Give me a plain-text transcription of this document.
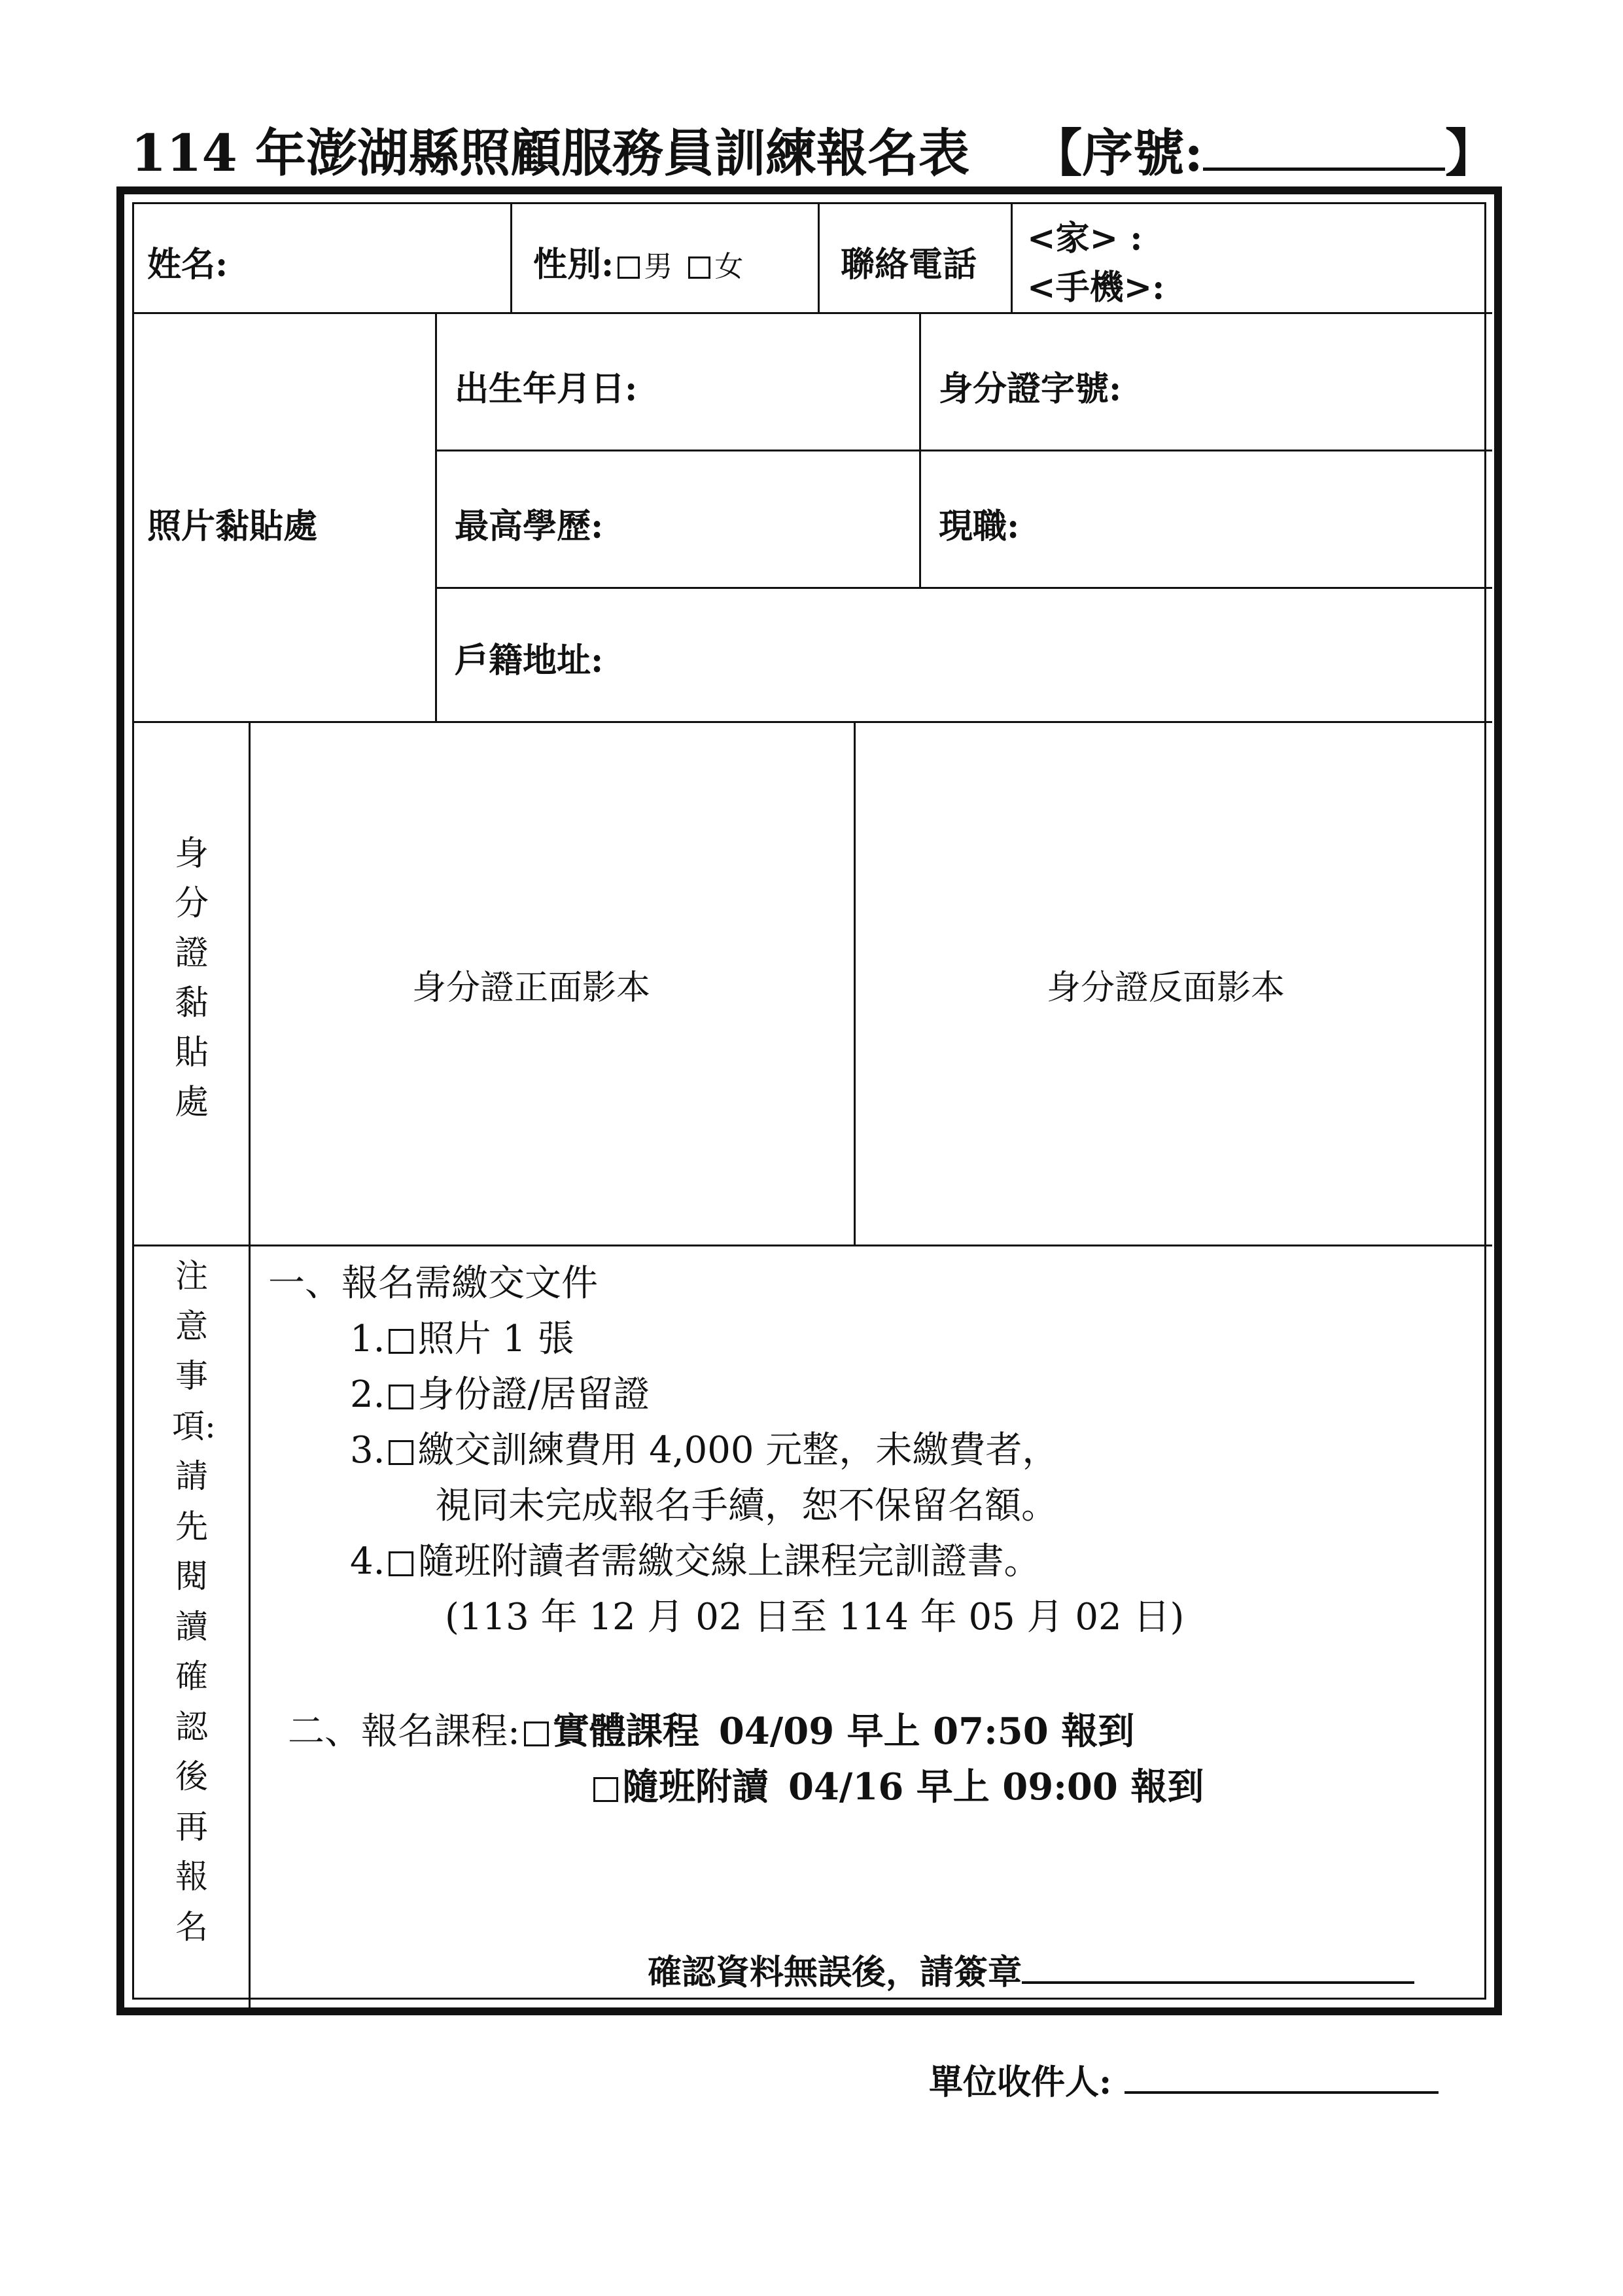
114 年澎湖縣照顧服務員訓練報名表 【序號:	】
姓名:	性別: 男 女	聯絡電話
<家> :
<手機>:
照片黏貼處
出生年月日:	身分證字號:
最高學歷:	現職:
戶籍地址:
身分證黏貼處
身分證正面影本	身分證反面影本
注意事項:請先閱讀確認後再報名
一、報名需繳交文件
1. 照片 1 張
2. 身份證/居留證
3. 繳交訓練費用 4,000 元整，未繳費者，
視同未完成報名手續，恕不保留名額。
4. 隨班附讀者需繳交線上課程完訓證書。
(113 年 12 月 02 日至 114 年 05 月 02 日)
二、報名課程: 實體課程 04/09 早上 07:50 報到
隨班附讀 04/16 早上 09:00 報到
確認資料無誤後，請簽章
單位收件人:
